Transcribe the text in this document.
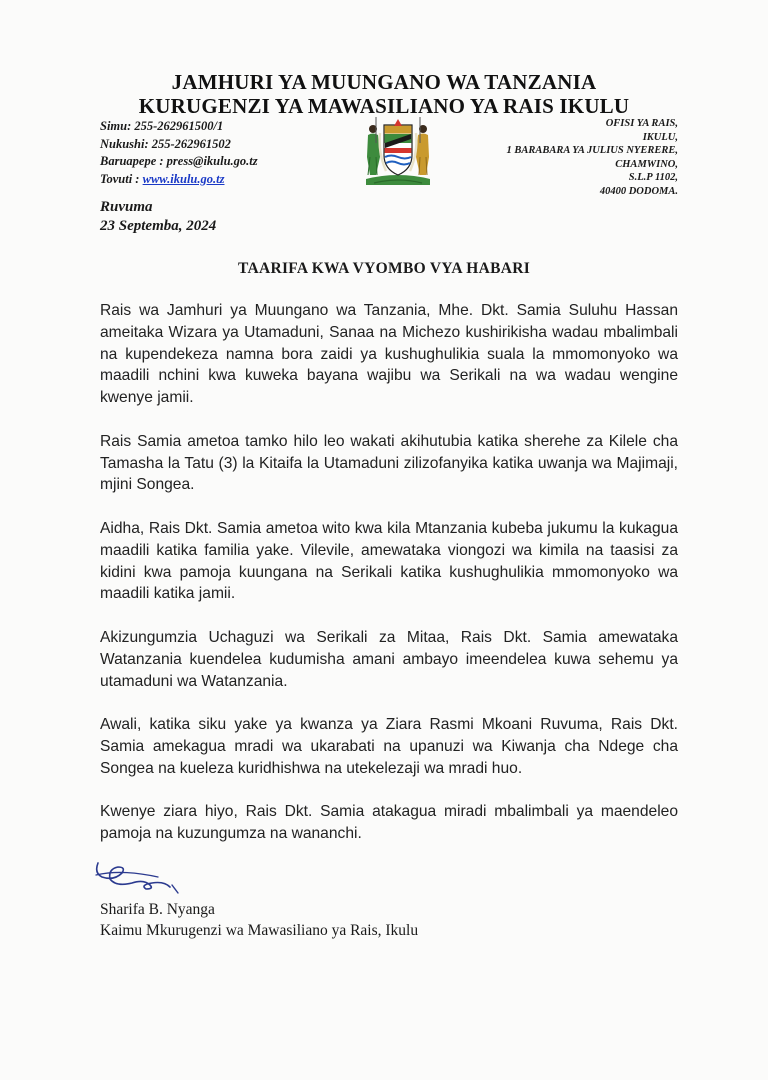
JAMHURI YA MUUNGANO WA TANZANIA
KURUGENZI YA MAWASILIANO YA RAIS IKULU
Simu: 255-262961500/1
Nukushi: 255-262961502
Baruapepe : press@ikulu.go.tz
Tovuti : www.ikulu.go.tz
OFISI YA RAIS,
IKULU,
1 BARABARA YA JULIUS NYERERE,
CHAMWINO,
S.L.P 1102,
40400 DODOMA.
Ruvuma
23 Septemba, 2024
TAARIFA KWA VYOMBO VYA HABARI

Rais wa Jamhuri ya Muungano wa Tanzania, Mhe. Dkt. Samia Suluhu Hassan ameitaka Wizara ya Utamaduni, Sanaa na Michezo kushirikisha wadau mbalimbali na kupendekeza namna bora zaidi ya kushughulikia suala la mmomonyoko wa maadili nchini kwa kuweka bayana wajibu wa Serikali na wa wadau wengine kwenye jamii.

Rais Samia ametoa tamko hilo leo wakati akihutubia katika sherehe za Kilele cha Tamasha la Tatu (3) la Kitaifa la Utamaduni zilizofanyika katika uwanja wa Majimaji, mjini Songea.

Aidha, Rais Dkt. Samia ametoa wito kwa kila Mtanzania kubeba jukumu la kukagua maadili katika familia yake. Vilevile, amewataka viongozi wa kimila na taasisi za kidini kwa pamoja kuungana na Serikali katika kushughulikia mmomonyoko wa maadili katika jamii.

Akizungumzia Uchaguzi wa Serikali za Mitaa, Rais Dkt. Samia amewataka Watanzania kuendelea kudumisha amani ambayo imeendelea kuwa sehemu ya utamaduni wa Watanzania.

Awali, katika siku yake ya kwanza ya Ziara Rasmi Mkoani Ruvuma, Rais Dkt. Samia amekagua mradi wa ukarabati na upanuzi wa Kiwanja cha Ndege cha Songea na kueleza kuridhishwa na utekelezaji wa mradi huo.

Kwenye ziara hiyo, Rais Dkt. Samia atakagua miradi mbalimbali ya maendeleo pamoja na kuzungumza na wananchi.

Sharifa B. Nyanga
Kaimu Mkurugenzi wa Mawasiliano ya Rais, Ikulu
